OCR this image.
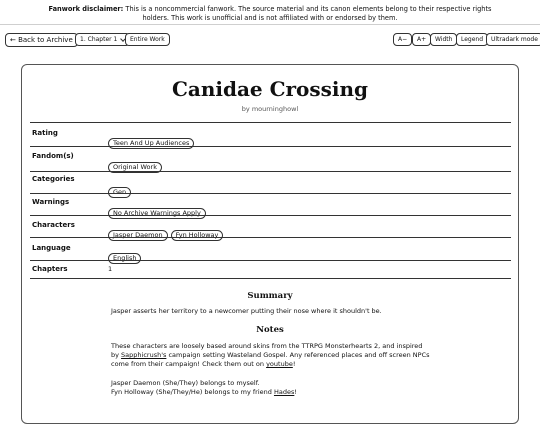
Fanwork disclaimer: This is a noncommercial fanwork. The source material and its canon elements belong to their respective rights holders. This work is unofficial and is not affiliated with or endorsed by them.
← Back to Archive	1. Chapter 1	Entire Work	A−	A+	Width	Legend	Ultradark mode
Canidae Crossing
by mourninghowl
Rating
Teen And Up Audiences
Fandom(s)
Original Work
Categories
Gen
Warnings
No Archive Warnings Apply
Characters
Jasper Daemon Fyn Holloway
Language
English
Chapters	1
Summary
Jasper asserts her territory to a newcomer putting their nose where it shouldn't be.
Notes
These characters are loosely based around skins from the TTRPG Monsterhearts 2, and inspired by Sapphicrush's campaign setting Wasteland Gospel. Any referenced places and off screen NPCs come from their campaign! Check them out on youtube!
Jasper Daemon (She/They) belongs to myself.
Fyn Holloway (She/They/He) belongs to my friend Hades!
